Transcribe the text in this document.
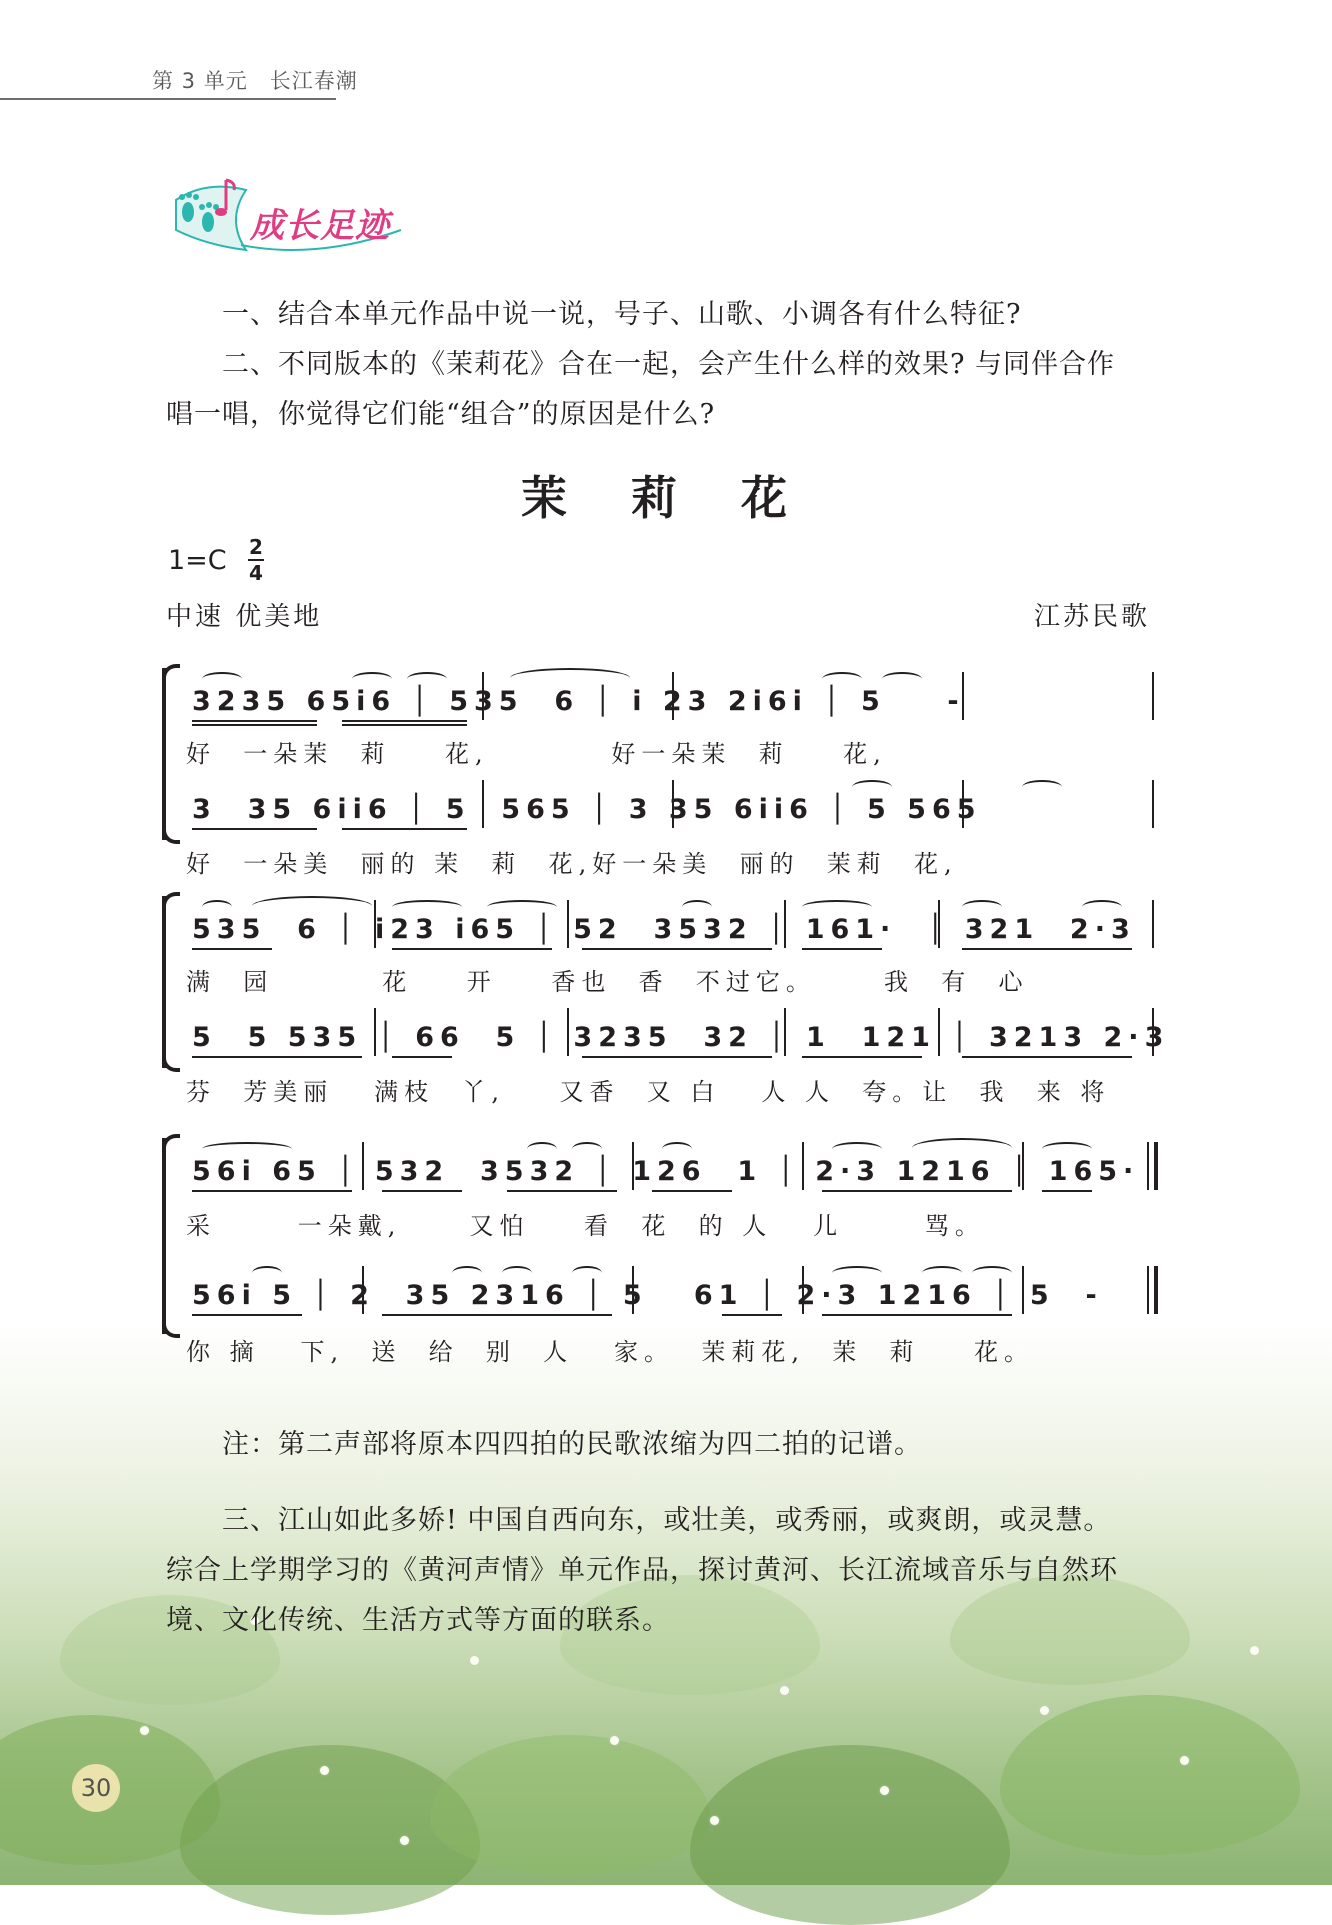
第 3 单元　长江春潮
成长足迹
一、结合本单元作品中说一说，号子、山歌、小调各有什么特征?
二、不同版本的《茉莉花》合在一起，会产生什么样的效果? 与同伴合作
唱一唱，你觉得它们能“组合”的原因是什么?
茉 莉 花
1=C 2
4
中速 优美地	江苏民歌
3235 65i6 │ 535  6 │ i 23 2i6i │ 5    -
好  一朵茉  莉    花,         好一朵茉  莉    花,
3  35 6ii6 │ 5  565 │ 3 35 6ii6 │ 5 565
好  一朵美  丽的 茉  莉  花,好一朵美  丽的  茉莉  花,
535  6 │ i23 i65 │ 52  3532 │ 161·  │ 321  2·3
满  园        花    开    香也  香  不过它。     我  有  心
5  5 535 │ 66  5 │ 3235  32 │ 1  121 │ 3213 2·3
芬  芳美丽   满枝  丫,    又香  又 白   人 人  夸。让  我  来 将
56i 65 │ 532  3532 │ 126  1 │ 2·3 1216 │ 165·
采      一朵戴,     又怕    看  花  的 人   儿      骂。
56i 5 │ 2  35 2316 │ 5   61 │ 2·3 1216 │ 5  -
你 摘   下,  送  给  别  人   家。  茉莉花,  茉  莉    花。
注：第二声部将原本四四拍的民歌浓缩为四二拍的记谱。
三、江山如此多娇! 中国自西向东，或壮美，或秀丽，或爽朗，或灵慧。
综合上学期学习的《黄河声情》单元作品，探讨黄河、长江流域音乐与自然环
境、文化传统、生活方式等方面的联系。
30
